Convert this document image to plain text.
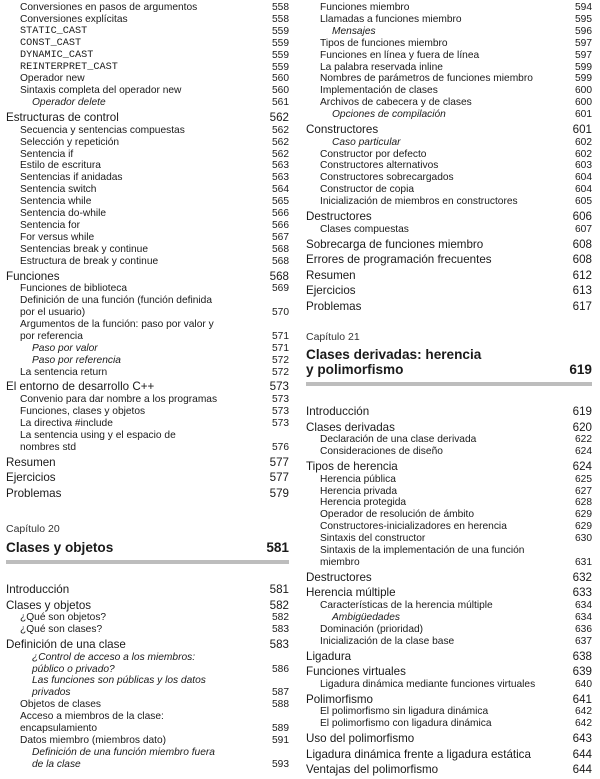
Conversiones en pasos de argumentos	558
Conversiones explícitas	558
STATIC_CAST	559
CONST_CAST	559
DYNAMIC_CAST	559
REINTERPRET_CAST	559
Operador new	560
Sintaxis completa del operador new	560
Operador delete	561
Estructuras de control	562
Secuencia y sentencias compuestas	562
Selección y repetición	562
Sentencia if	562
Estilo de escritura	563
Sentencias if anidadas	563
Sentencia switch	564
Sentencia while	565
Sentencia do-while	566
Sentencia for	566
For versus while	567
Sentencias break y continue	568
Estructura de break y continue	568
Funciones	568
Funciones de biblioteca	569
Definición de una función (función definida
por el usuario)	570
Argumentos de la función: paso por valor y
por referencia	571
Paso por valor	571
Paso por referencia	572
La sentencia return	572
El entorno de desarrollo C++	573
Convenio para dar nombre a los programas	573
Funciones, clases y objetos	573
La directiva #include	573
La sentencia using y el espacio de
nombres std	576
Resumen	577
Ejercicios	577
Problemas	579
Capítulo 20
Clases y objetos	581
Introducción	581
Clases y objetos	582
¿Qué son objetos?	582
¿Qué son clases?	583
Definición de una clase	583
¿Control de acceso a los miembros:
público o privado?	586
Las funciones son públicas y los datos
privados	587
Objetos de clases	588
Acceso a miembros de la clase:
encapsulamiento	589
Datos miembro (miembros dato)	591
Definición de una función miembro fuera
de la clase	593
Funciones miembro	594
Llamadas a funciones miembro	595
Mensajes	596
Tipos de funciones miembro	597
Funciones en línea y fuera de línea	597
La palabra reservada inline	599
Nombres de parámetros de funciones miembro	599
Implementación de clases	600
Archivos de cabecera y de clases	600
Opciones de compilación	601
Constructores	601
Caso particular	602
Constructor por defecto	602
Constructores alternativos	603
Constructores sobrecargados	604
Constructor de copia	604
Inicialización de miembros en constructores	605
Destructores	606
Clases compuestas	607
Sobrecarga de funciones miembro	608
Errores de programación frecuentes	608
Resumen	612
Ejercicios	613
Problemas	617
Capítulo 21
Clases derivadas: herencia
y polimorfismo	619
Introducción	619
Clases derivadas	620
Declaración de una clase derivada	622
Consideraciones de diseño	624
Tipos de herencia	624
Herencia pública	625
Herencia privada	627
Herencia protegida	628
Operador de resolución de ámbito	629
Constructores-inicializadores en herencia	629
Sintaxis del constructor	630
Sintaxis de la implementación de una función
miembro	631
Destructores	632
Herencia múltiple	633
Características de la herencia múltiple	634
Ambigüedades	634
Dominación (prioridad)	636
Inicialización de la clase base	637
Ligadura	638
Funciones virtuales	639
Ligadura dinámica mediante funciones virtuales	640
Polimorfismo	641
El polimorfismo sin ligadura dinámica	642
El polimorfismo con ligadura dinámica	642
Uso del polimorfismo	643
Ligadura dinámica frente a ligadura estática	644
Ventajas del polimorfismo	644
